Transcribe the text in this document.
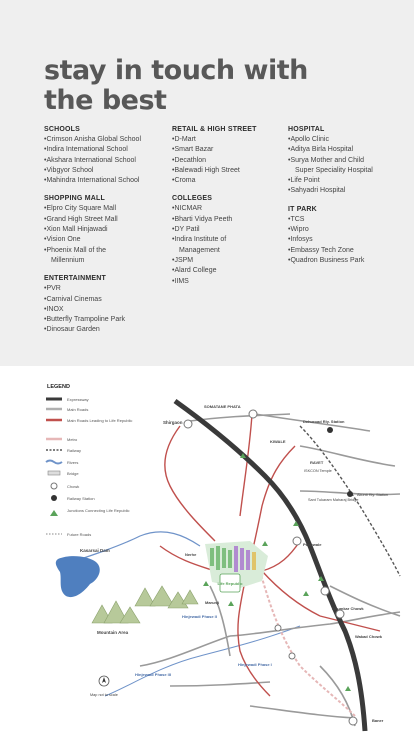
stay in touch with
the best
SCHOOLS
• Crimson Anisha Global School
• Indira International School
• Akshara International School
• Vibgyor School
• Mahindra International School
SHOPPING MALL
• Elpro City Square Mall
• Grand High Street Mall
• Xion Mall Hinjawadi
• Vision One
• Phoenix Mall of the Millennium
ENTERTAINMENT
• PVR
• Carnival Cinemas
• INOX
• Butterfly Trampoline Park
• Dinosaur Garden
RETAIL & HIGH STREET
• D-Mart
• Smart Bazar
• Decathlon
• Balewadi High Street
• Croma
COLLEGES
• NICMAR
• Bharti Vidya Peeth
• DY Patil
• Indira Institute of Management
• JSPM
• Alard College
• IIMS
HOSPITAL
• Apollo Clinic
• Aditya Birla Hospital
• Surya Mother and Child Super Speciality Hospital
• Life Point
• Sahyadri Hospital
IT PARK
• TCS
• Wipro
• Infosys
• Embassy Tech Zone
• Quadron Business Park
LEGEND
Expressway
Main Roads
Main Roads Leading to Life Republic
Metro
Railway
Rivers
Bridge
Chowk
Railway Station
Junctions Connecting Life Republic
Future Roads
Kasarsai Dam
Mountain Area
Life Republic
Shirgaon
SOMATANE PHATA
KIWALE
Dehuroad Rly. Station
RAVET
ISKCON Temple
Akurdi Rly. Station
Sant Tukaram Maharaj Bridge
Punawale
Nerhe
Marunji
Hinjewadi Phase II
Hinjewadi Phase I
Hinjewadi Phase III
Bhumkar Chowk
Wakad Chowk
Baner
Map not to scale
